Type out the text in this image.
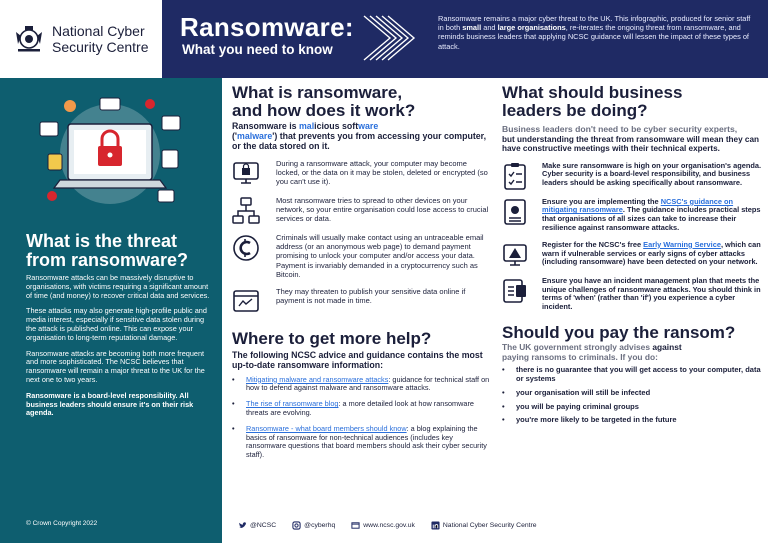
National Cyber Security Centre
Ransomware:
What you need to know
Ransomware remains a major cyber threat to the UK. This infographic, produced for senior staff in both small and large organisations, re-iterates the ongoing threat from ransomware, and reminds business leaders that applying NCSC guidance will lessen the impact of these types of attack.
What is the threat from ransomware?

Ransomware attacks can be massively disruptive to organisations, with victims requiring a significant amount of time (and money) to recover critical data and services.

These attacks may also generate high-profile public and media interest, especially if sensitive data stolen during the attack is published online. This can expose your organisation to long-term reputational damage.

Ransomware attacks are becoming both more frequent and more sophisticated. The NCSC believes that ransomware will remain a major threat to the UK for the next one to two years.

Ransomware is a board-level responsibility. All business leaders should ensure it's on their risk agenda.

© Crown Copyright 2022
What is ransomware,
and how does it work?
Ransomware is malicious software
('malware') that prevents you from accessing your computer, or the data stored on it.
During a ransomware attack, your computer may become locked, or the data on it may be stolen, deleted or encrypted (so you can't use it).
Most ransomware tries to spread to other devices on your network, so your entire organisation could lose access to crucial services or data.
Criminals will usually make contact using an untraceable email address (or an anonymous web page) to demand payment promising to unlock your computer and/or access your data. Payment is invariably demanded in a cryptocurrency such as Bitcoin.
They may threaten to publish your sensitive data online if payment is not made in time.
Where to get more help?
The following NCSC advice and guidance contains the most up-to-date ransomware information:
• Mitigating malware and ransomware attacks: guidance for technical staff on how to defend against malware and ransomware attacks.
• The rise of ransomware blog: a more detailed look at how ransomware threats are evolving.
• Ransomware - what board members should know: a blog explaining the basics of ransomware for non-technical audiences (includes key ransomware questions that board members should ask their cyber security staff).
What should business
leaders be doing?
Business leaders don't need to be cyber security experts,
but understanding the threat from ransomware will mean they can have constructive meetings with their technical experts.
Make sure ransomware is high on your organisation's agenda. Cyber security is a board-level responsibility, and business leaders should be asking specifically about ransomware.
Ensure you are implementing the NCSC's guidance on mitigating ransomware. The guidance includes practical steps that organisations of all sizes can take to increase their resilience against ransomware attacks.
Register for the NCSC's free Early Warning Service, which can warn if vulnerable services or early signs of cyber attacks (including ransomware) have been detected on your network.
Ensure you have an incident management plan that meets the unique challenges of ransomware attacks. You should think in terms of 'when' (rather than 'if') you experience a cyber incident.
Should you pay the ransom?
The UK government strongly advises against
paying ransoms to criminals. If you do:
• there is no guarantee that you will get access to your computer, data or systems
• your organisation will still be infected
• you will be paying criminal groups
• you're more likely to be targeted in the future
@NCSC	@cyberhq	www.ncsc.gov.uk	National Cyber Security Centre
